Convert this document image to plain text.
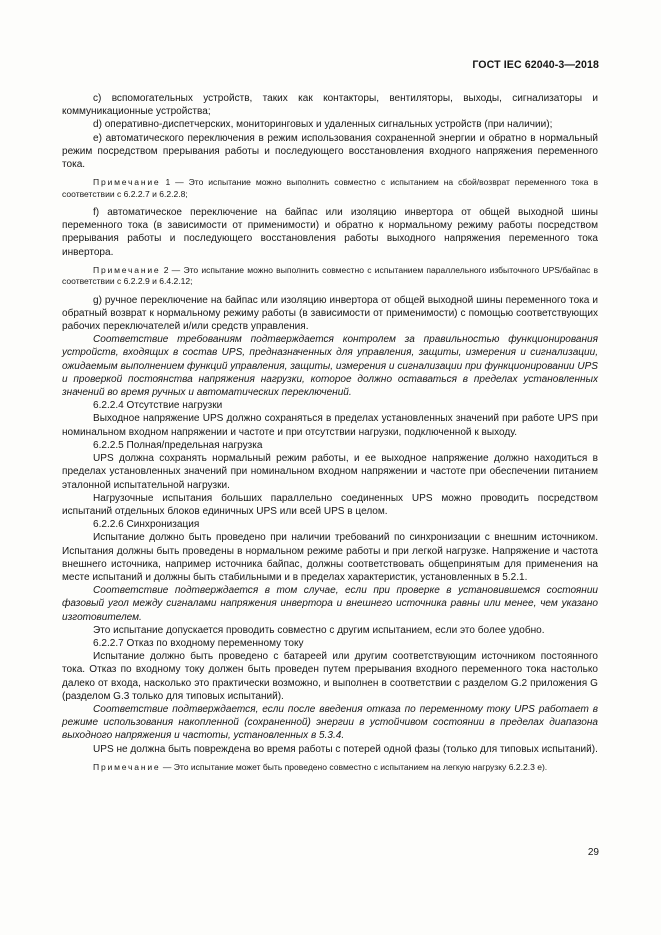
ГОСТ IEC 62040-3—2018

c) вспомогательных устройств, таких как контакторы, вентиляторы, выходы, сигнализаторы и коммуникационные устройства;

d) оперативно-диспетчерских, мониторинговых и удаленных сигнальных устройств (при наличии);

e) автоматического переключения в режим использования сохраненной энергии и обратно в нормальный режим посредством прерывания работы и последующего восстановления входного напряжения переменного тока.

Примечание 1 — Это испытание можно выполнить совместно с испытанием на сбой/возврат переменного тока в соответствии с 6.2.2.7 и 6.2.2.8;

f) автоматическое переключение на байпас или изоляцию инвертора от общей выходной шины переменного тока (в зависимости от применимости) и обратно к нормальному режиму работы посредством прерывания работы и последующего восстановления работы выходного напряжения переменного тока инвертора.

Примечание 2 — Это испытание можно выполнить совместно с испытанием параллельного избыточного UPS/байпас в соответствии с 6.2.2.9 и 6.4.2.12;

g) ручное переключение на байпас или изоляцию инвертора от общей выходной шины переменного тока и обратный возврат к нормальному режиму работы (в зависимости от применимости) с помощью соответствующих рабочих переключателей и/или средств управления.

Соответствие требованиям подтверждается контролем за правильностью функционирования устройств, входящих в состав UPS, предназначенных для управления, защиты, измерения и сигнализации, ожидаемым выполнением функций управления, защиты, измерения и сигнализации при функционировании UPS и проверкой постоянства напряжения нагрузки, которое должно оставаться в пределах установленных значений во время ручных и автоматических переключений.

6.2.2.4 Отсутствие нагрузки

Выходное напряжение UPS должно сохраняться в пределах установленных значений при работе UPS при номинальном входном напряжении и частоте и при отсутствии нагрузки, подключенной к выходу.

6.2.2.5 Полная/предельная нагрузка

UPS должна сохранять нормальный режим работы, и ее выходное напряжение должно находиться в пределах установленных значений при номинальном входном напряжении и частоте при обеспечении питанием эталонной испытательной нагрузки.

Нагрузочные испытания больших параллельно соединенных UPS можно проводить посредством испытаний отдельных блоков единичных UPS или всей UPS в целом.

6.2.2.6 Синхронизация

Испытание должно быть проведено при наличии требований по синхронизации с внешним источником. Испытания должны быть проведены в нормальном режиме работы и при легкой нагрузке. Напряжение и частота внешнего источника, например источника байпас, должны соответствовать общепринятым для применения на месте испытаний и должны быть стабильными и в пределах характеристик, установленных в 5.2.1.

Соответствие подтверждается в том случае, если при проверке в установившемся состоянии фазовый угол между сигналами напряжения инвертора и внешнего источника равны или менее, чем указано изготовителем.

Это испытание допускается проводить совместно с другим испытанием, если это более удобно.

6.2.2.7 Отказ по входному переменному току

Испытание должно быть проведено с батареей или другим соответствующим источником постоянного тока. Отказ по входному току должен быть проведен путем прерывания входного переменного тока настолько далеко от входа, насколько это практически возможно, и выполнен в соответствии с разделом G.2 приложения G (разделом G.3 только для типовых испытаний).

Соответствие подтверждается, если после введения отказа по переменному току UPS работает в режиме использования накопленной (сохраненной) энергии в устойчивом состоянии в пределах диапазона выходного напряжения и частоты, установленных в 5.3.4.

UPS не должна быть повреждена во время работы с потерей одной фазы (только для типовых испытаний).

Примечание — Это испытание может быть проведено совместно с испытанием на легкую нагрузку 6.2.2.3 e).

29
